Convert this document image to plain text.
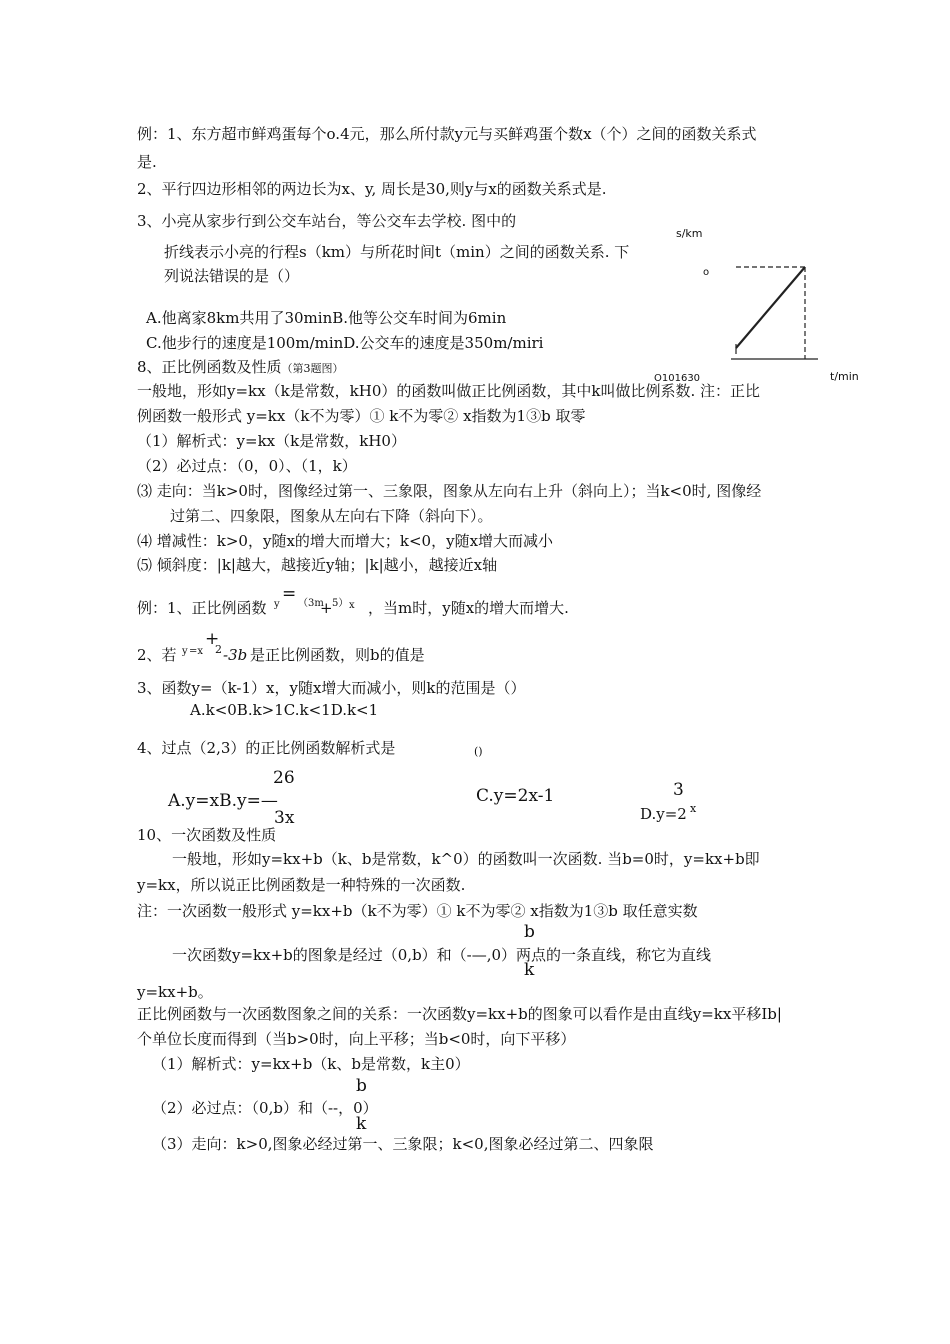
例：1、东方超市鲜鸡蛋每个o.4元，那么所付款y元与买鲜鸡蛋个数x（个）之间的函数关系式
是.
2、平行四边形相邻的两边长为x、y, 周长是30,则y与x的函数关系式是.
3、小亮从家步行到公交车站台，等公交车去学校. 图中的
折线表示小亮的行程s（km）与所花时间t（min）之间的函数关系. 下
列说法错误的是（）
A.他离家8km共用了30minB.他等公交车时间为6min
C.他步行的速度是100m/minD.公交车的速度是350m/miri
8、正比例函数及性质（第3题图）
一般地，形如y=kx（k是常数，kH0）的函数叫做正比例函数，其中k叫做比例系数. 注：正比
例函数一般形式 y=kx（k不为零）① k不为零② x指数为1③b 取零
（1）解析式：y=kx（k是常数，kH0）
（2）必过点：（0，0）、（1，k）
⑶ 走向：当k>0时，图像经过第一、三象限，图象从左向右上升（斜向上）；当k<0时, 图像经
过第二、四象限，图象从左向右下降（斜向下）。
⑷ 增减性：k>0，y随x的增大而增大；k<0，y随x增大而减小
⑸ 倾斜度：|k|越大，越接近y轴；|k|越小，越接近x轴
例：1、正比例函数 y
= （3m
+ 5） x ，当m时，y随x的增大而增大.
2、若 y =x
+
2 -3b 是正比例函数，则b的值是
3、函数y=（k-1）x，y随x增大而减小，则k的范围是（）
A.k<0B.k>1C.k<1D.k<1
4、过点（2,3）的正比例函数解析式是	()
26
A.y=xB.y=—
3x
C.y=2x-1	3
D.y=2 x
10、一次函数及性质
一般地，形如y=kx+b（k、b是常数，k^0）的函数叫一次函数. 当b=0时，y=kx+b即
y=kx，所以说正比例函数是一种特殊的一次函数.
注：一次函数一般形式 y=kx+b（k不为零）① k不为零② x指数为1③b 取任意实数
b
一次函数y=kx+b的图象是经过（0,b）和（-—,0）两点的一条直线，称它为直线
k
y=kx+b。
正比例函数与一次函数图象之间的关系：一次函数y=kx+b的图象可以看作是由直线y=kx平移Ib|
个单位长度而得到（当b>0时，向上平移；当b<0时，向下平移）
（1）解析式：y=kx+b（k、b是常数，k主0）
b
（2）必过点：（0,b）和（--，0）
k
（3）走向：k>0,图象必经过第一、三象限；k<0,图象必经过第二、四象限
s/km
o
O101630	t/min
